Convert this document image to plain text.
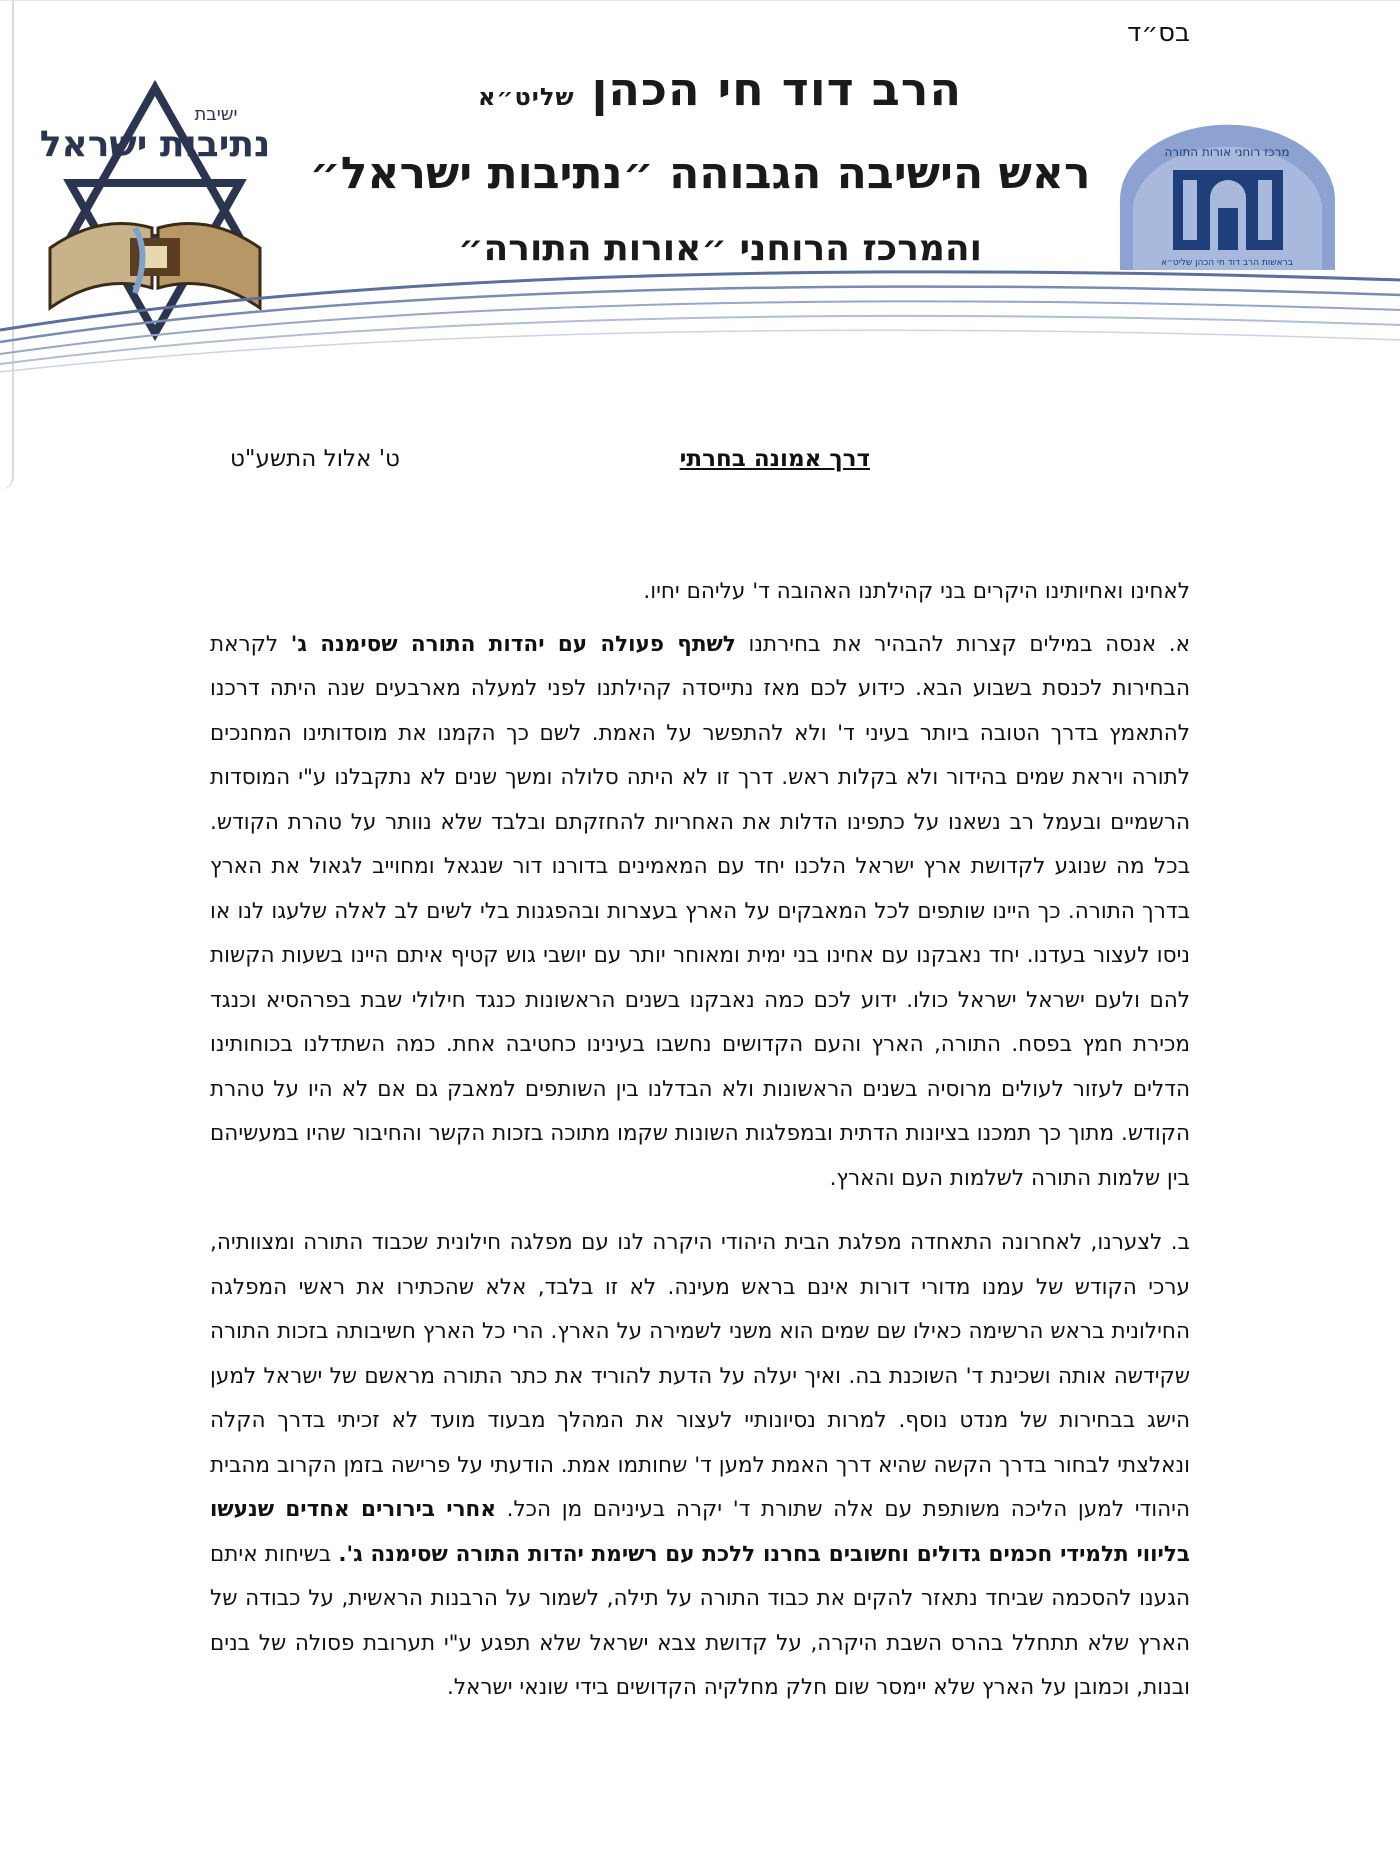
בס״ד
ישיבת
נתיבות ישראל
הרב דוד חי הכהן שליט״א
ראש הישיבה הגבוהה ״נתיבות ישראל״
והמרכז הרוחני ״אורות התורה״
מרכז רוחני אורות התורה
בראשות הרב דוד חי הכהן שליט״א
דרך אמונה בחרתי
ט' אלול התשע"ט

לאחינו ואחיותינו היקרים בני קהילתנו האהובה ד' עליהם יחיו.

א. אנסה במילים קצרות להבהיר את בחירתנו לשתף פעולה עם יהדות התורה שסימנה ג' לקראת הבחירות לכנסת בשבוע הבא. כידוע לכם מאז נתייסדה קהילתנו לפני למעלה מארבעים שנה היתה דרכנו להתאמץ בדרך הטובה ביותר בעיני ד' ולא להתפשר על האמת. לשם כך הקמנו את מוסדותינו המחנכים לתורה ויראת שמים בהידור ולא בקלות ראש. דרך זו לא היתה סלולה ומשך שנים לא נתקבלנו ע"י המוסדות הרשמיים ובעמל רב נשאנו על כתפינו הדלות את האחריות להחזקתם ובלבד שלא נוותר על טהרת הקודש. בכל מה שנוגע לקדושת ארץ ישראל הלכנו יחד עם המאמינים בדורנו דור שנגאל ומחוייב לגאול את הארץ בדרך התורה. כך היינו שותפים לכל המאבקים על הארץ בעצרות ובהפגנות בלי לשים לב לאלה שלעגו לנו או ניסו לעצור בעדנו. יחד נאבקנו עם אחינו בני ימית ומאוחר יותר עם יושבי גוש קטיף איתם היינו בשעות הקשות להם ולעם ישראל ישראל כולו. ידוע לכם כמה נאבקנו בשנים הראשונות כנגד חילולי שבת בפרהסיא וכנגד מכירת חמץ בפסח. התורה, הארץ והעם הקדושים נחשבו בעינינו כחטיבה אחת. כמה השתדלנו בכוחותינו הדלים לעזור לעולים מרוסיה בשנים הראשונות ולא הבדלנו בין השותפים למאבק גם אם לא היו על טהרת הקודש. מתוך כך תמכנו בציונות הדתית ובמפלגות השונות שקמו מתוכה בזכות הקשר והחיבור שהיו במעשיהם בין שלמות התורה לשלמות העם והארץ.

ב. לצערנו, לאחרונה התאחדה מפלגת הבית היהודי היקרה לנו עם מפלגה חילונית שכבוד התורה ומצוותיה, ערכי הקודש של עמנו מדורי דורות אינם בראש מעינה. לא זו בלבד, אלא שהכתירו את ראשי המפלגה החילונית בראש הרשימה כאילו שם שמים הוא משני לשמירה על הארץ. הרי כל הארץ חשיבותה בזכות התורה שקידשה אותה ושכינת ד' השוכנת בה. ואיך יעלה על הדעת להוריד את כתר התורה מראשם של ישראל למען הישג בבחירות של מנדט נוסף. למרות נסיונותיי לעצור את המהלך מבעוד מועד לא זכיתי בדרך הקלה ונאלצתי לבחור בדרך הקשה שהיא דרך האמת למען ד' שחותמו אמת. הודעתי על פרישה בזמן הקרוב מהבית היהודי למען הליכה משותפת עם אלה שתורת ד' יקרה בעיניהם מן הכל. אחרי בירורים אחדים שנעשו בליווי תלמידי חכמים גדולים וחשובים בחרנו ללכת עם רשימת יהדות התורה שסימנה ג'. בשיחות איתם הגענו להסכמה שביחד נתאזר להקים את כבוד התורה על תילה, לשמור על הרבנות הראשית, על כבודה של הארץ שלא תתחלל בהרס השבת היקרה, על קדושת צבא ישראל שלא תפגע ע"י תערובת פסולה של בנים ובנות, וכמובן על הארץ שלא יימסר שום חלק מחלקיה הקדושים בידי שונאי ישראל.
